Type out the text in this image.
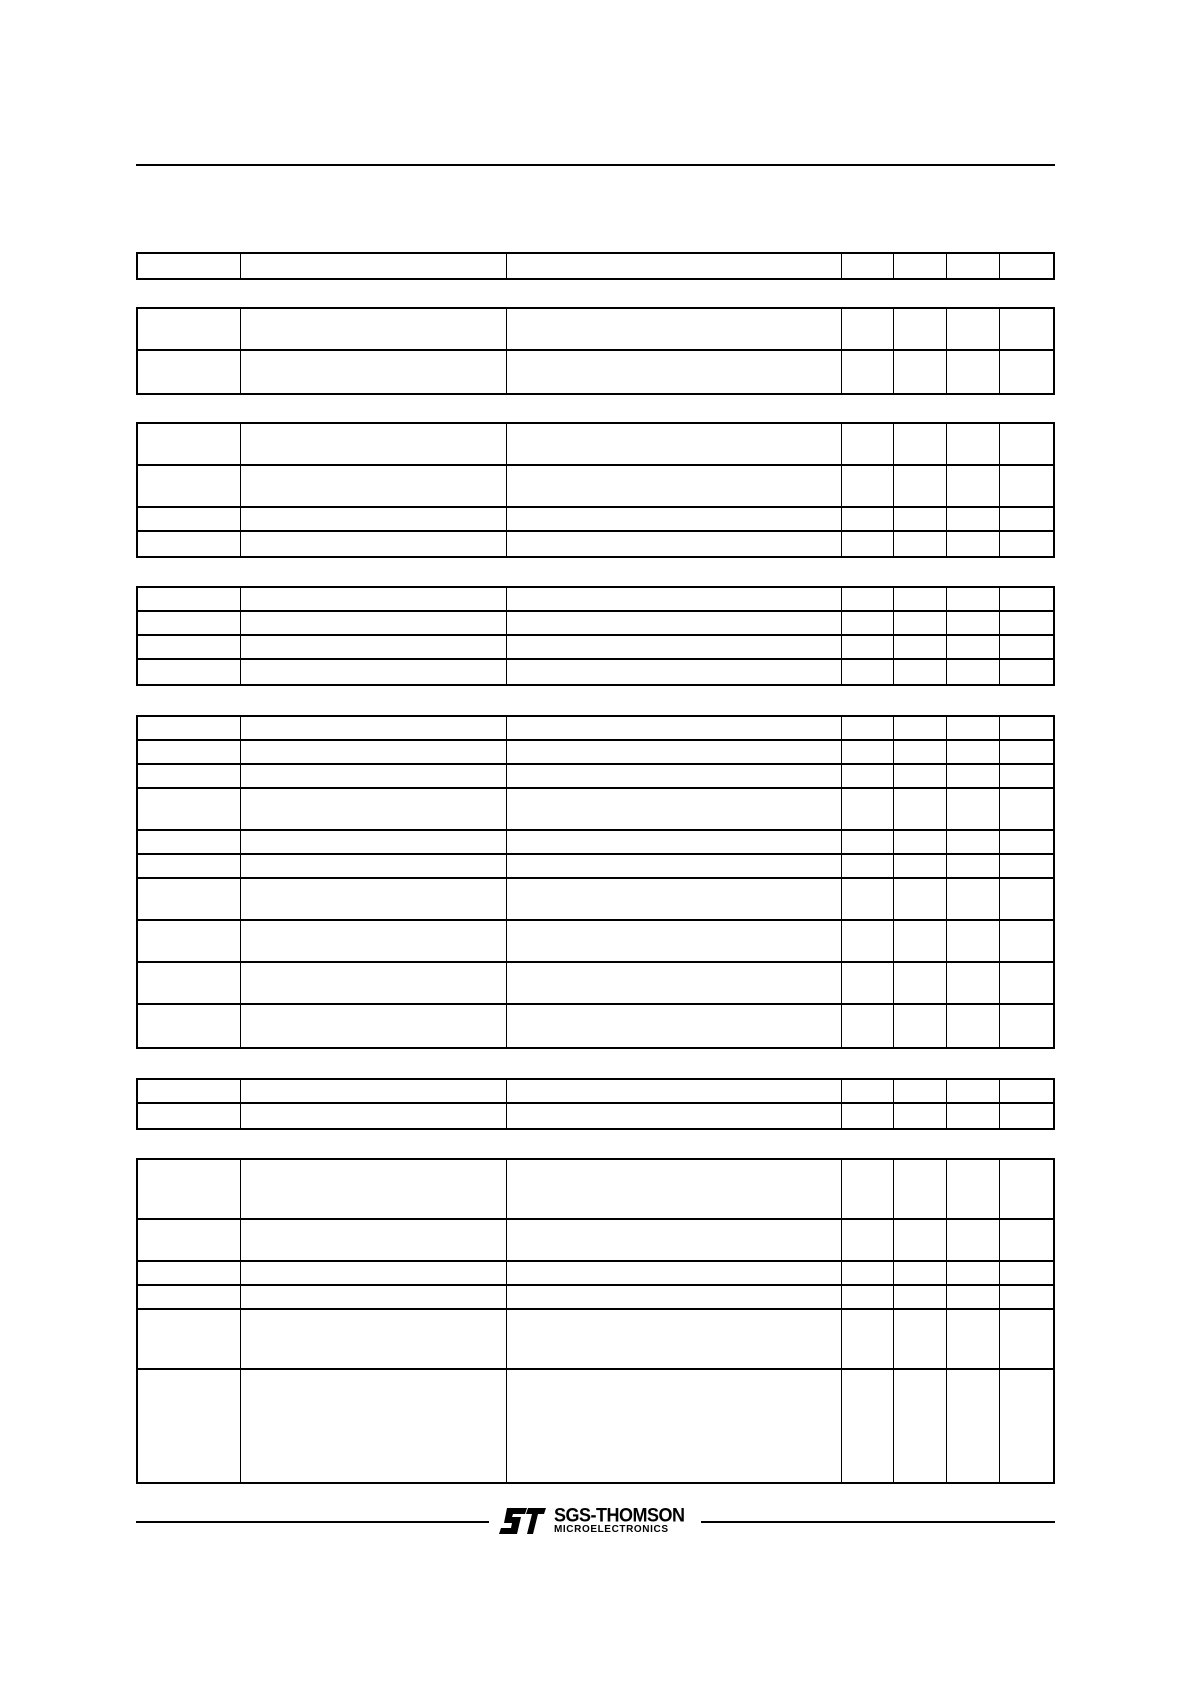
SGS-THOMSON
MICROELECTRONICS
